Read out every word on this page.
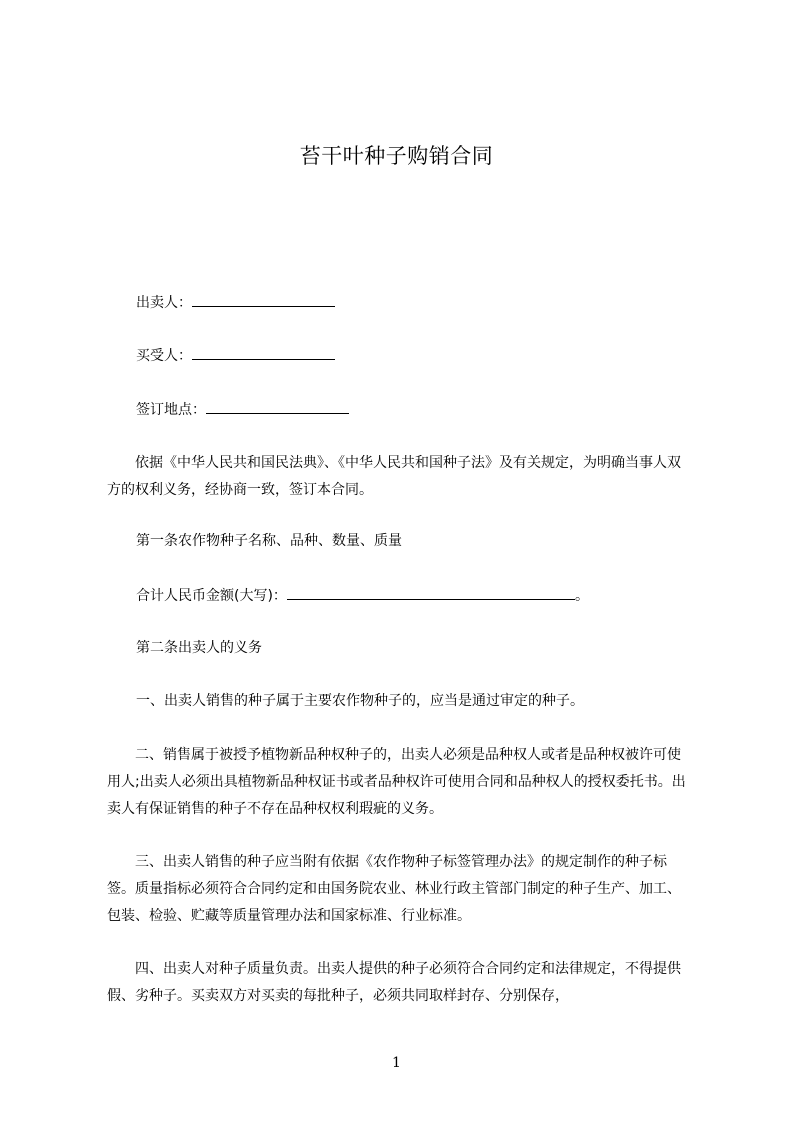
苔干叶种子购销合同
出卖人：
买受人：
签订地点：
依据《中华人民共和国民法典》、《中华人民共和国种子法》及有关规定，为明确当事人双方的权利义务，经协商一致，签订本合同。
第一条农作物种子名称、品种、数量、质量
合计人民币金额(大写)：	。
第二条出卖人的义务
一、出卖人销售的种子属于主要农作物种子的，应当是通过审定的种子。
二、销售属于被授予植物新品种权种子的，出卖人必须是品种权人或者是品种权被许可使用人;出卖人必须出具植物新品种权证书或者品种权许可使用合同和品种权人的授权委托书。出卖人有保证销售的种子不存在品种权权利瑕疵的义务。
三、出卖人销售的种子应当附有依据《农作物种子标签管理办法》的规定制作的种子标签。质量指标必须符合合同约定和由国务院农业、林业行政主管部门制定的种子生产、加工、包装、检验、贮藏等质量管理办法和国家标准、行业标准。
四、出卖人对种子质量负责。出卖人提供的种子必须符合合同约定和法律规定，不得提供假、劣种子。买卖双方对买卖的每批种子，必须共同取样封存、分别保存，
1
